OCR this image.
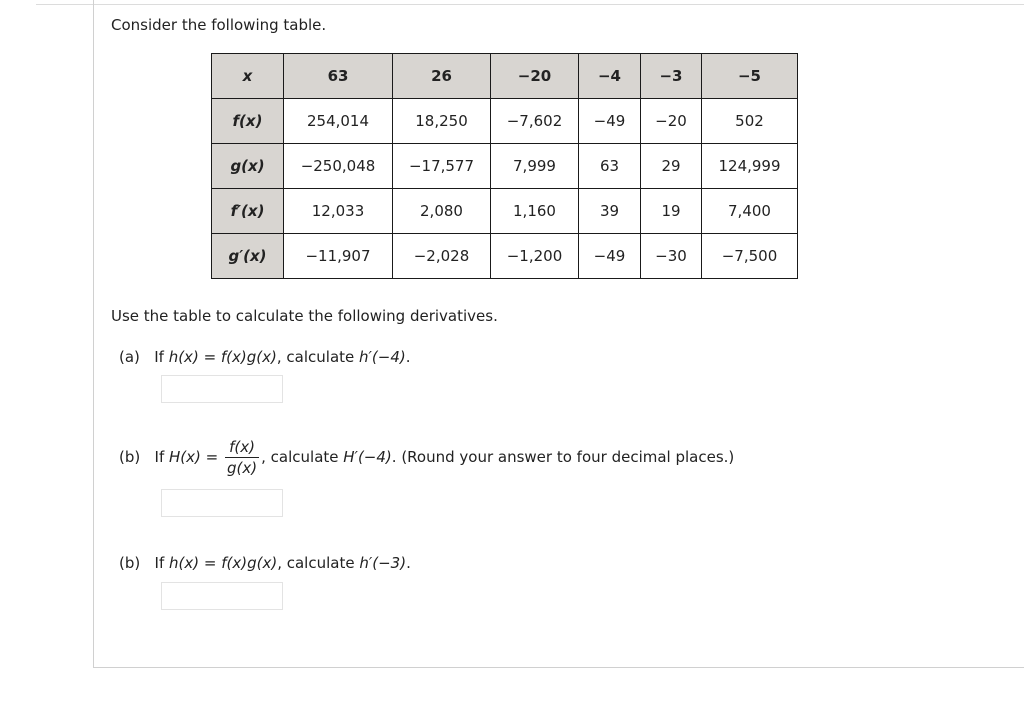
Consider the following table.
x	63	26	−20	−4	−3	−5
f(x)	254,014	18,250	−7,602	−49	−20	502
g(x)	−250,048	−17,577	7,999	63	29	124,999
f′(x)	12,033	2,080	1,160	39	19	7,400
g′(x)	−11,907	−2,028	−1,200	−49	−30	−7,500
Use the table to calculate the following derivatives.
(a) If h(x) = f(x)g(x), calculate h′(−4).
(b) If $H(x) = \frac{f(x)}{g(x)}$ , calculate H′(−4). (Round your answer to four decimal places.)
(b) If h(x) = f(x)g(x), calculate h′(−3).
